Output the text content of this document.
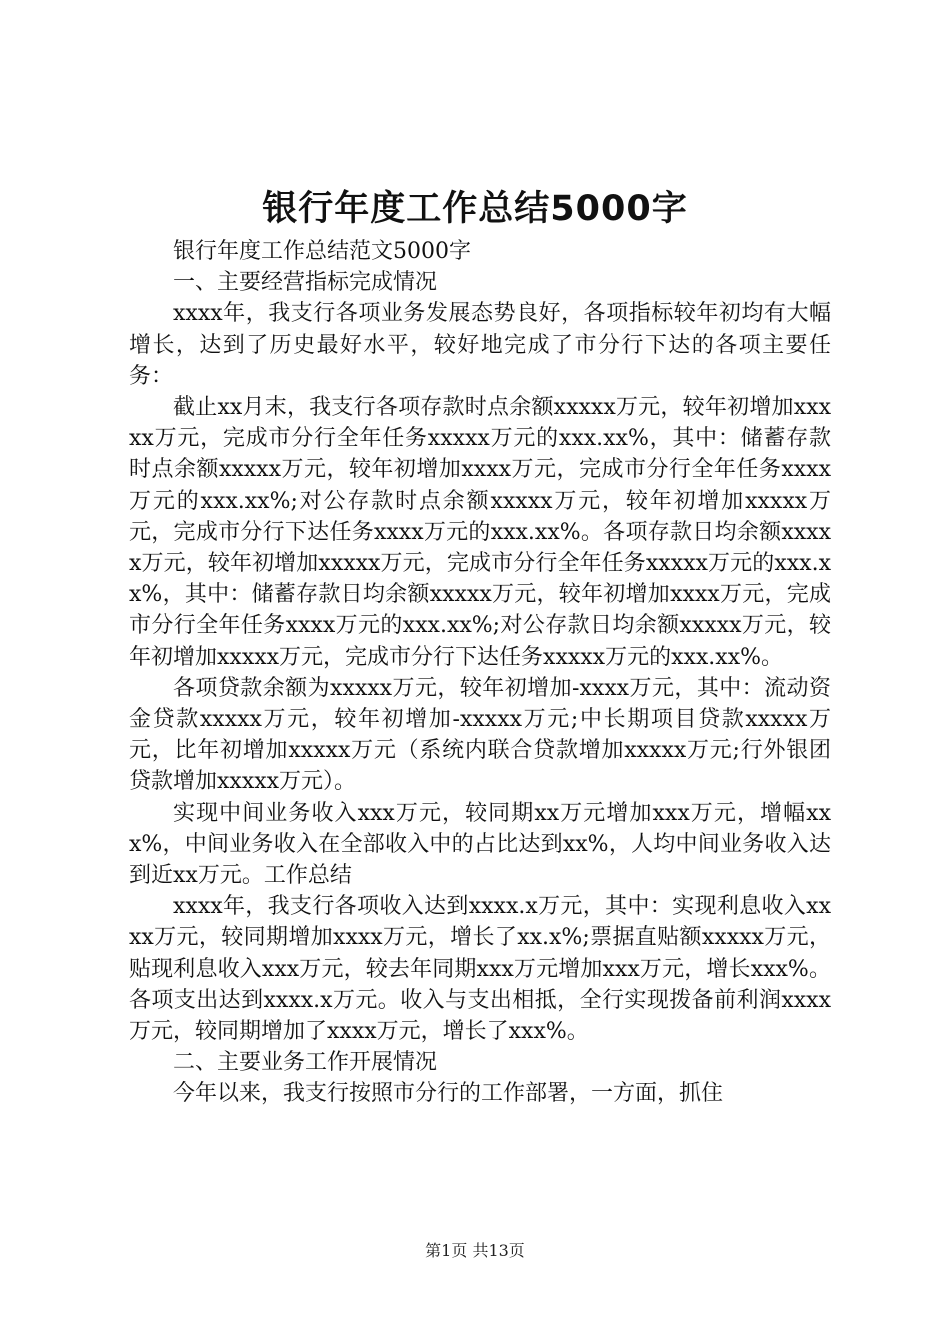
银行年度工作总结5000字

银行年度工作总结范文5000字

一、主要经营指标完成情况

xxxx年，我支行各项业务发展态势良好，各项指标较年初均有大幅增长，达到了历史最好水平，较好地完成了市分行下达的各项主要任务：

截止xx月末，我支行各项存款时点余额xxxxx万元，较年初增加xxxxx万元，完成市分行全年任务xxxxx万元的xxx.xx%，其中：储蓄存款时点余额xxxxx万元，较年初增加xxxx万元，完成市分行全年任务xxxx万元的xxx.xx%;对公存款时点余额xxxxx万元，较年初增加xxxxx万元，完成市分行下达任务xxxx万元的xxx.xx%。各项存款日均余额xxxxx万元，较年初增加xxxxx万元，完成市分行全年任务xxxxx万元的xxx.xx%，其中：储蓄存款日均余额xxxxx万元，较年初增加xxxx万元，完成市分行全年任务xxxx万元的xxx.xx%;对公存款日均余额xxxxx万元，较年初增加xxxxx万元，完成市分行下达任务xxxxx万元的xxx.xx%。

各项贷款余额为xxxxx万元，较年初增加-xxxx万元，其中：流动资金贷款xxxxx万元，较年初增加-xxxxx万元;中长期项目贷款xxxxx万元，比年初增加xxxxx万元（系统内联合贷款增加xxxxx万元;行外银团贷款增加xxxxx万元）。

实现中间业务收入xxx万元，较同期xx万元增加xxx万元，增幅xxx%，中间业务收入在全部收入中的占比达到xx%，人均中间业务收入达到近xx万元。工作总结

xxxx年，我支行各项收入达到xxxx.x万元，其中：实现利息收入xxxx万元，较同期增加xxxx万元，增长了xx.x%;票据直贴额xxxxx万元，贴现利息收入xxx万元，较去年同期xxx万元增加xxx万元，增长xxx%。各项支出达到xxxx.x万元。收入与支出相抵，全行实现拨备前利润xxxx万元，较同期增加了xxxx万元，增长了xxx%。

二、主要业务工作开展情况

今年以来，我支行按照市分行的工作部署，一方面，抓住

第1页 共13页
